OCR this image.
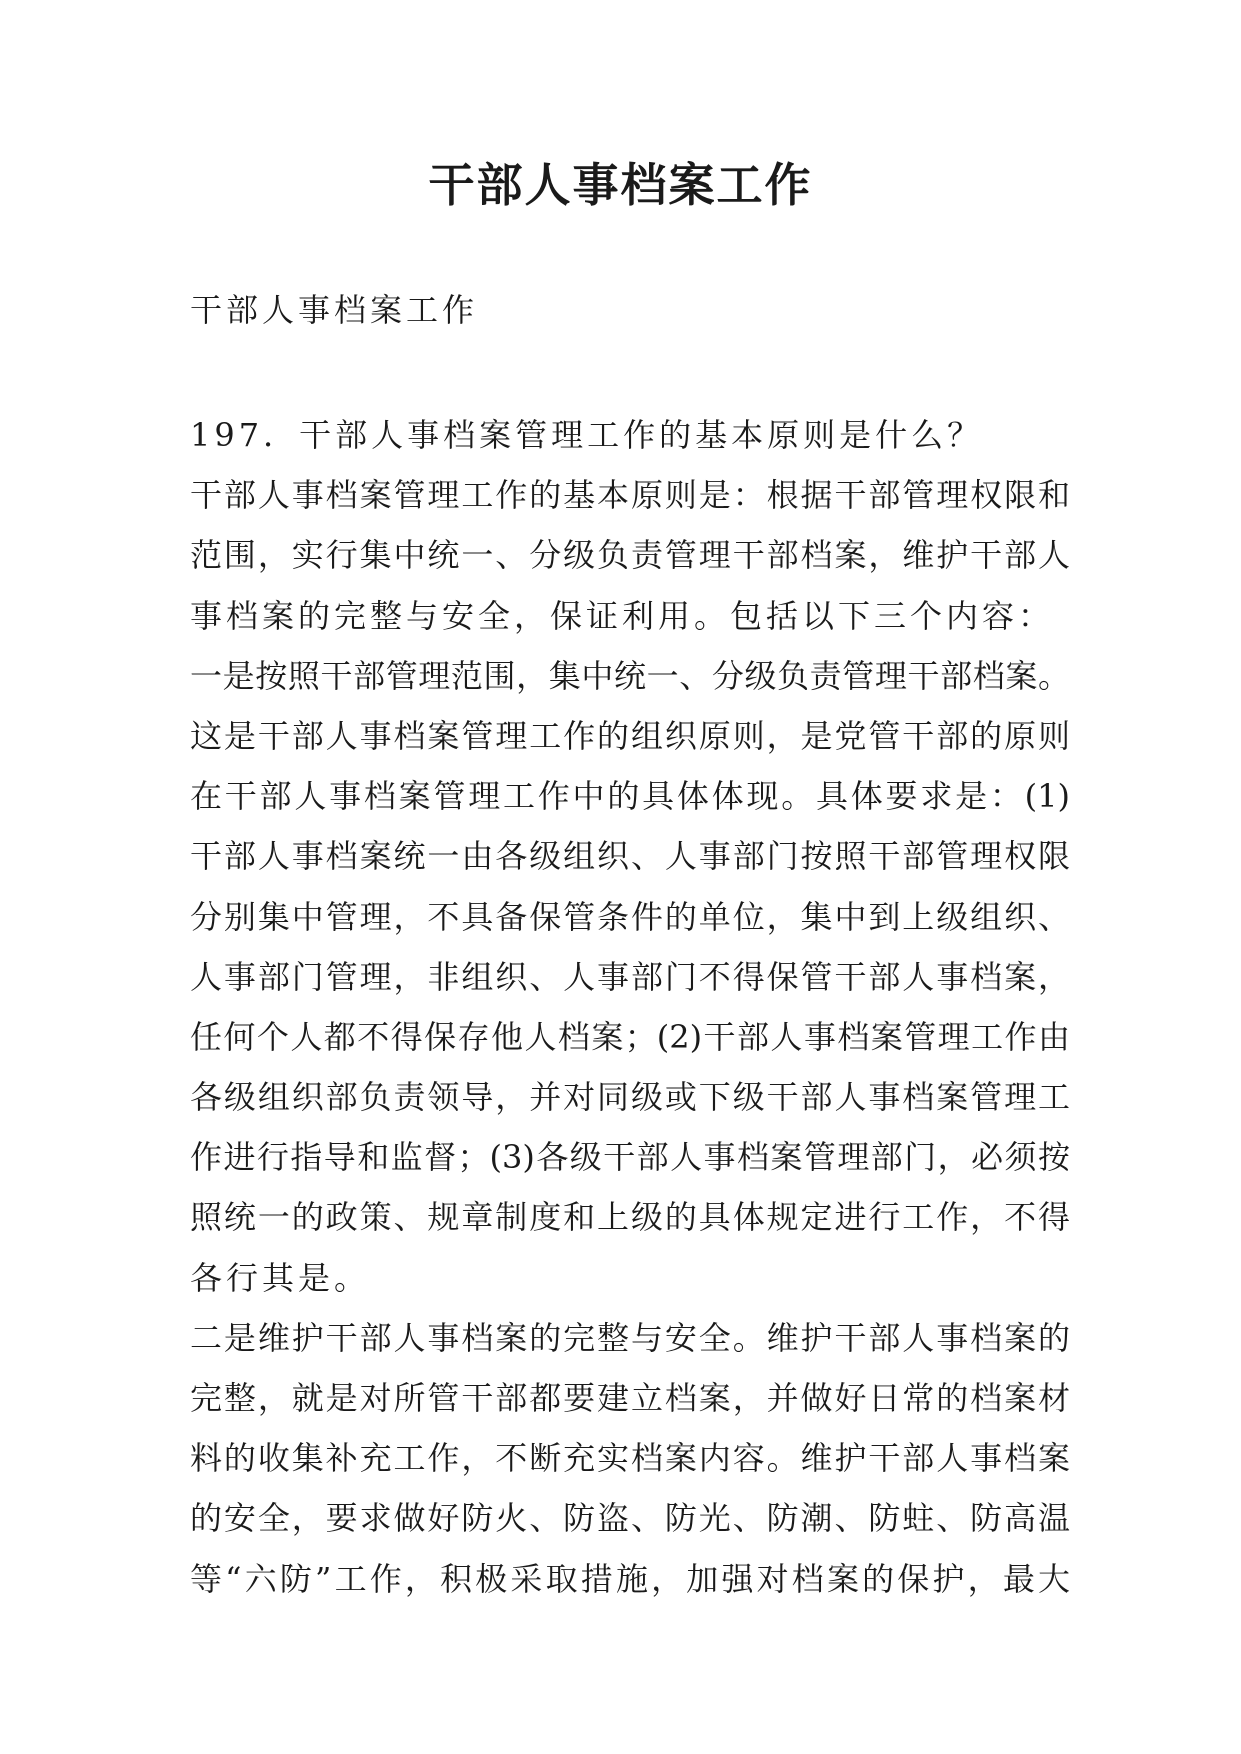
干部人事档案工作

干部人事档案工作

197．干部人事档案管理工作的基本原则是什么？
干部人事档案管理工作的基本原则是：根据干部管理权限和
范围，实行集中统一、分级负责管理干部档案，维护干部人
事档案的完整与安全，保证利用。包括以下三个内容：
一是按照干部管理范围，集中统一、分级负责管理干部档案。
这是干部人事档案管理工作的组织原则，是党管干部的原则
在干部人事档案管理工作中的具体体现。具体要求是：(1)
干部人事档案统一由各级组织、人事部门按照干部管理权限
分别集中管理，不具备保管条件的单位，集中到上级组织、
人事部门管理，非组织、人事部门不得保管干部人事档案，
任何个人都不得保存他人档案；(2)干部人事档案管理工作由
各级组织部负责领导，并对同级或下级干部人事档案管理工
作进行指导和监督；(3)各级干部人事档案管理部门，必须按
照统一的政策、规章制度和上级的具体规定进行工作，不得
各行其是。
二是维护干部人事档案的完整与安全。维护干部人事档案的
完整，就是对所管干部都要建立档案，并做好日常的档案材
料的收集补充工作，不断充实档案内容。维护干部人事档案
的安全，要求做好防火、防盗、防光、防潮、防蛀、防高温
等“六防”工作，积极采取措施，加强对档案的保护，最大
